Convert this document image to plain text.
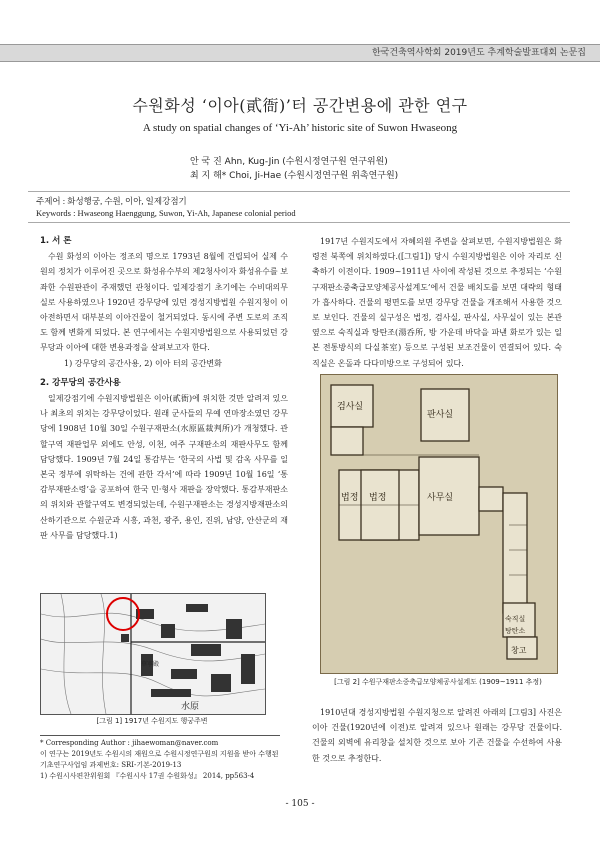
한국건축역사학회 2019년도 추계학술발표대회 논문집
수원화성 ‘이아(貳衙)’터 공간변용에 관한 연구
A study on spatial changes of ‘Yi-Ah’ historic site of Suwon Hwaseong
안 국 진 Ahn, Kug-Jin (수원시정연구원 연구위원)
최 지 해* Choi, Ji-Hae (수원시정연구원 위촉연구원)
주제어 : 화성행궁, 수원, 이아, 일제강점기
Keywords : Hwaseong Haenggung, Suwon, Yi-Ah, Japanese colonial period
1. 서 론

수원 화성의 이아는 정조의 명으로 1793년 8월에 건립되어 실제 수원의 정치가 이루어진 곳으로 화성유수부의 제2청사이자 화성유수를 보좌한 수원판관이 주재했던 관청이다. 일제강점기 초기에는 수비대의무실로 사용하였으나 1920년 강무당에 있던 경성지방법원 수원지청이 이아전하면서 대부분의 이아건물이 철거되었다. 동시에 주변 도로의 조직도 함께 변화게 되었다. 본 연구에서는 수원지방법원으로 사용되었던 강무당과 이아에 대한 변용과정을 살펴보고자 한다.

1) 강무당의 공간사용, 2) 이아 터의 공간변화

2. 강무당의 공간사용

일제강점기에 수원지방법원은 이아(貳衙)에 위치한 것만 알려져 있으나 최초의 위치는 강무당이었다. 원래 군사들의 무예 연마장소였던 강무당에 1908년 10월 30일 수원구재판소(水原區裁判所)가 개청했다. 관할구역 재판업무 외에도 안성, 이천, 여주 구재판소의 재판사무도 함께 담당했다. 1909년 7월 24일 통감부는 ‘한국의 사법 및 감옥 사무를 일본국 정부에 위탁하는 건에 관한 각서’에 따라 1909년 10월 16일 ‘통감부재판소령’을 공포하여 한국 민·형사 재판을 장악했다. 통감부재판소의 위치와 관할구역도 변경되었는데, 수원구재판소는 경성지방재판소의 산하기관으로 수원군과 시흥, 과천, 광주, 용인, 진위, 남양, 안산군의 재판 사무를 담당했다.1)

水原
華寧殿
[그림 1] 1917년 수원지도 행궁주변
* Corresponding Author : jihaewoman@naver.com
이 연구는 2019년도 수원시의 재원으로 수원시정연구원의 지원을 받아 수행된 기초연구사업임 과제번호: SRI-기본-2019-13
1) 수원시사편찬위원회 『수원시사 17권 수원화성』 2014, pp563-4

1917년 수원지도에서 자혜의원 주변을 살펴보면, 수원지방법원은 화령전 북쪽에 위치하였다.([그림1]) 당시 수원지방법원은 이아 자리로 신축하기 이전이다. 1909~1911년 사이에 작성된 것으로 추정되는 ‘수원구재판소중축급모양체공사설계도’에서 건물 배치도를 보면 대략의 형태가 흡사하다. 건물의 평면도를 보면 강무당 건물을 개조해서 사용한 것으로 보인다. 건물의 실구성은 법정, 검사실, 판사실, 사무실이 있는 본관 옆으로 숙직실과 탕탄조(湯呑所, 방 가운데 바닥을 파낸 화로가 있는 일본 전통방식의 다실茶室) 등으로 구성된 보조건물이 연결되어 있다. 숙직실은 온돌과 다다미방으로 구성되어 있다.

검사실
판사실
법정 법정	사무실
숙직실
탕탄소
창고
[그림 2] 수원구재판소중축급모양체공사설계도 (1909~1911 추정)

1910년대 경성지방법원 수원지청으로 알려진 아래의 [그림3] 사진은 이아 건물(1920년에 이전)로 알려져 있으나 원래는 강무당 건물이다. 건물의 외벽에 유리창을 설치한 것으로 보아 기존 건물을 수선하여 사용한 것으로 추정한다.

- 105 -
